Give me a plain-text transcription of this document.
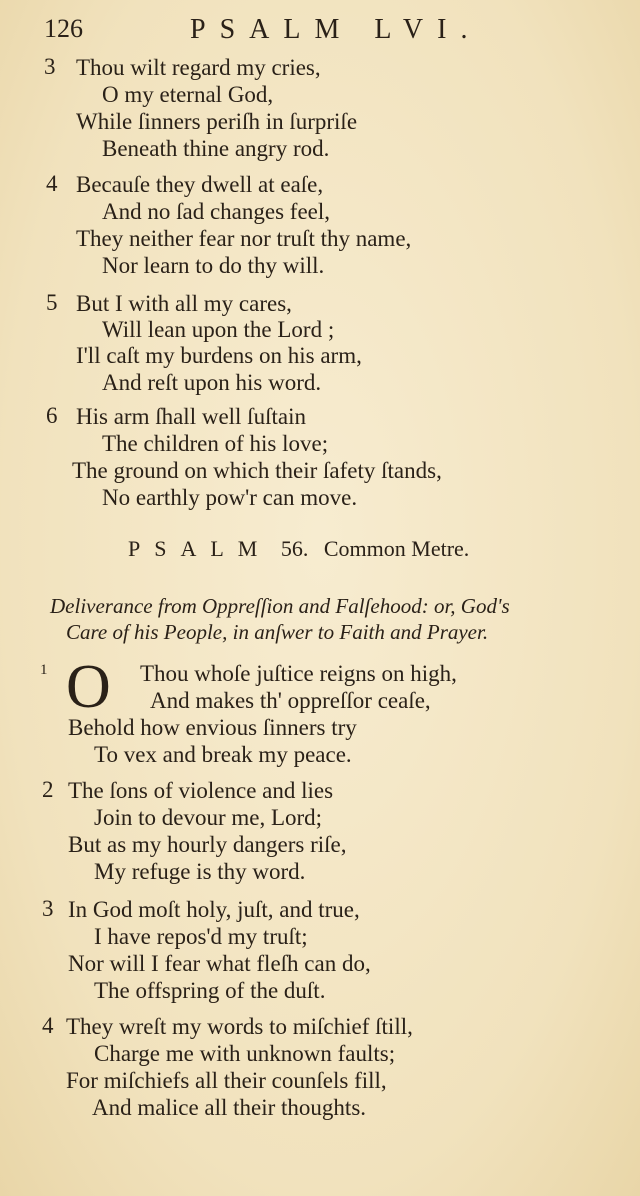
126	PSALM LVI.
3 Thou wilt regard my cries,
O my eternal God,
While ſinners periſh in ſurpriſe
Beneath thine angry rod.
4 Becauſe they dwell at eaſe,
And no ſad changes feel,
They neither fear nor truſt thy name,
Nor learn to do thy will.
5 But I with all my cares,
Will lean upon the Lord ;
I'll caſt my burdens on his arm,
And reſt upon his word.
6 His arm ſhall well ſuſtain
The children of his love;
The ground on which their ſafety ſtands,
No earthly pow'r can move.
PSALM 56. Common Metre.
Deliverance from Oppreſſion and Falſehood: or, God's
Care of his People, in anſwer to Faith and Prayer.
1 O Thou whoſe juſtice reigns on high,
And makes th' oppreſſor ceaſe,
Behold how envious ſinners try
To vex and break my peace.
2 The ſons of violence and lies
Join to devour me, Lord;
But as my hourly dangers riſe,
My refuge is thy word.
3 In God moſt holy, juſt, and true,
I have repos'd my truſt;
Nor will I fear what fleſh can do,
The offspring of the duſt.
4 They wreſt my words to miſchief ſtill,
Charge me with unknown faults;
For miſchiefs all their counſels fill,
And malice all their thoughts.
